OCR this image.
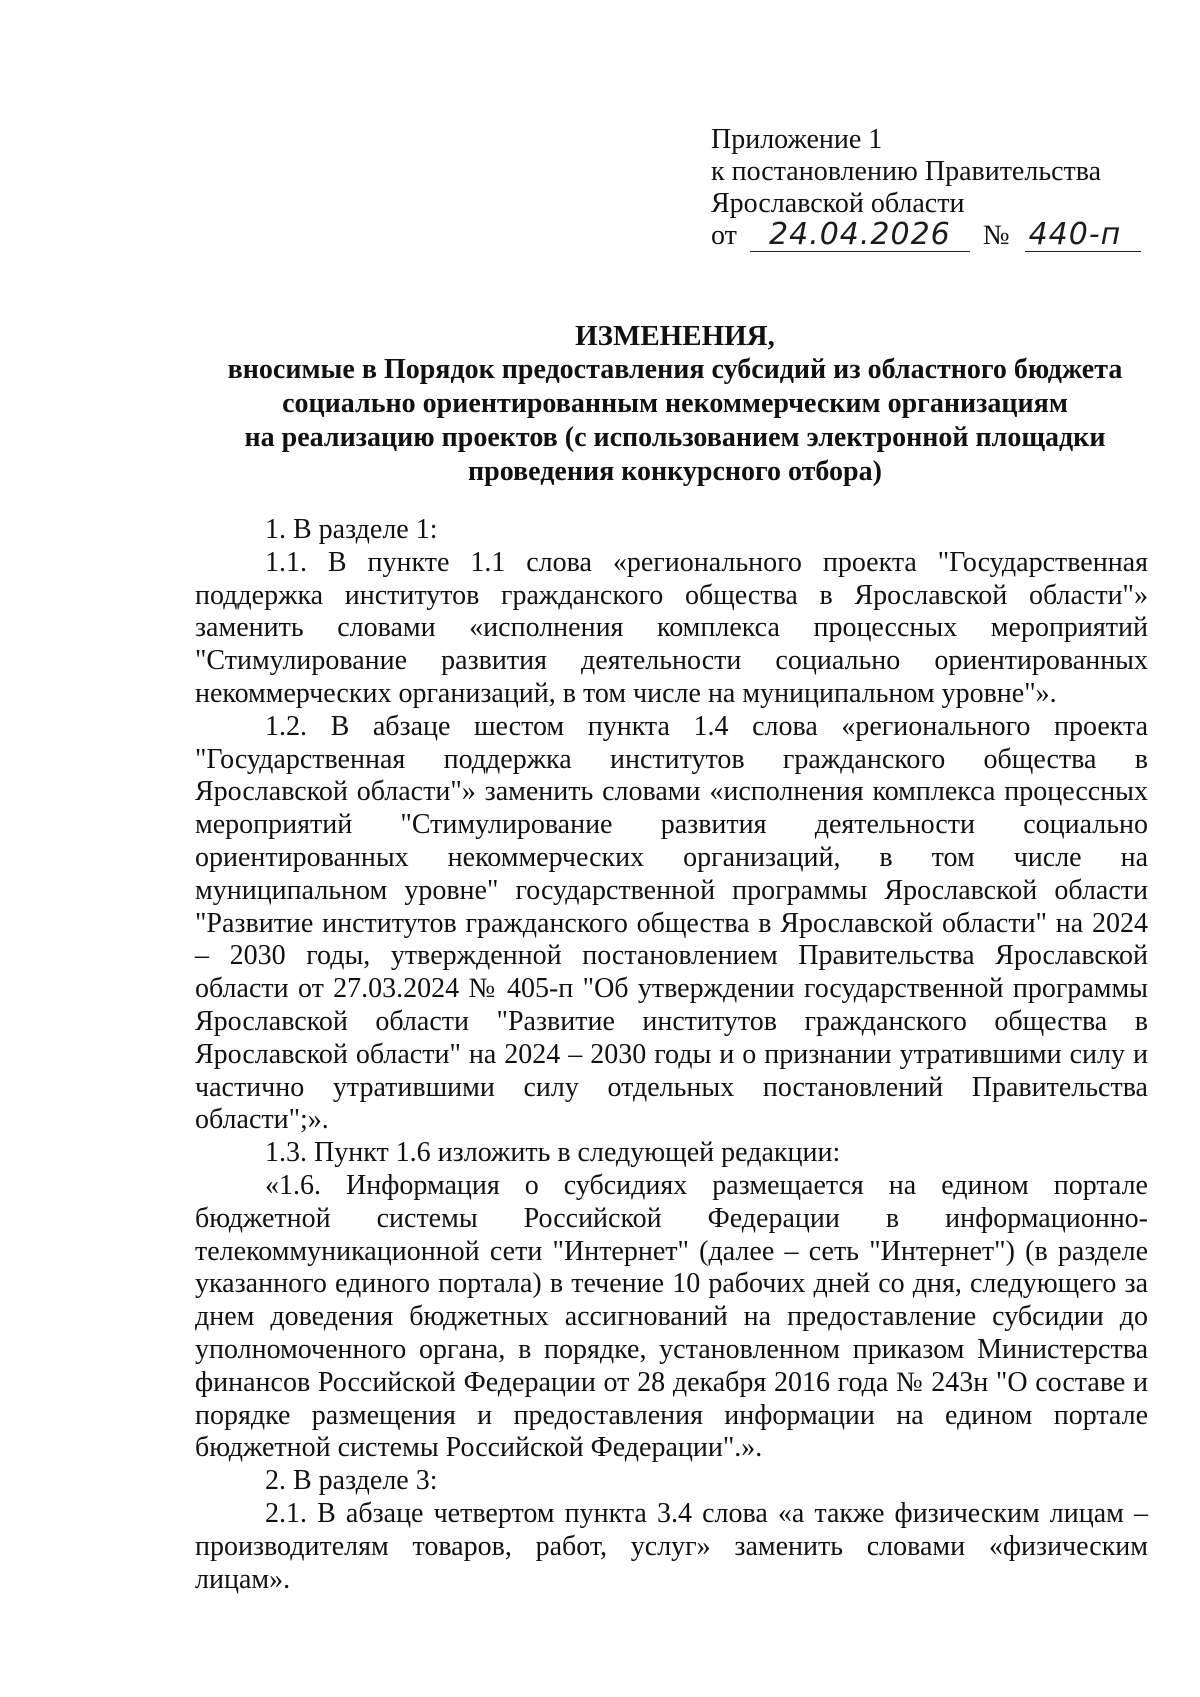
Приложение 1
к постановлению Правительства
Ярославской области
от 24.04.2026 № 440-п
ИЗМЕНЕНИЯ,
вносимые в Порядок предоставления субсидий из областного бюджета
социально ориентированным некоммерческим организациям
на реализацию проектов (с использованием электронной площадки
проведения конкурсного отбора)

1. В разделе 1:

1.1. В пункте 1.1 слова «регионального проекта "Государственная поддержка институтов гражданского общества в Ярославской области"» заменить словами «исполнения комплекса процессных мероприятий "Стимулирование развития деятельности социально ориентированных некоммерческих организаций, в том числе на муниципальном уровне"».

1.2. В абзаце шестом пункта 1.4 слова «регионального проекта "Государственная поддержка институтов гражданского общества в Ярославской области"» заменить словами «исполнения комплекса процессных мероприятий "Стимулирование развития деятельности социально ориентированных некоммерческих организаций, в том числе на муниципальном уровне" государственной программы Ярославской области "Развитие институтов гражданского общества в Ярославской области" на 2024 – 2030 годы, утвержденной постановлением Правительства Ярославской области от 27.03.2024 № 405-п "Об утверждении государственной программы Ярославской области "Развитие институтов гражданского общества в Ярославской области" на 2024 – 2030 годы и о признании утратившими силу и частично утратившими силу отдельных постановлений Правительства области";».

1.3. Пункт 1.6 изложить в следующей редакции:

«1.6. Информация о субсидиях размещается на едином портале бюджетной системы Российской Федерации в информационно-телекоммуникационной сети "Интернет" (далее – сеть "Интернет") (в разделе указанного единого портала) в течение 10 рабочих дней со дня, следующего за днем доведения бюджетных ассигнований на предоставление субсидии до уполномоченного органа, в порядке, установленном приказом Министерства финансов Российской Федерации от 28 декабря 2016 года № 243н "О составе и порядке размещения и предоставления информации на едином портале бюджетной системы Российской Федерации".».

2. В разделе 3:

2.1. В абзаце четвертом пункта 3.4 слова «а также физическим лицам – производителям товаров, работ, услуг» заменить словами «физическим лицам».
